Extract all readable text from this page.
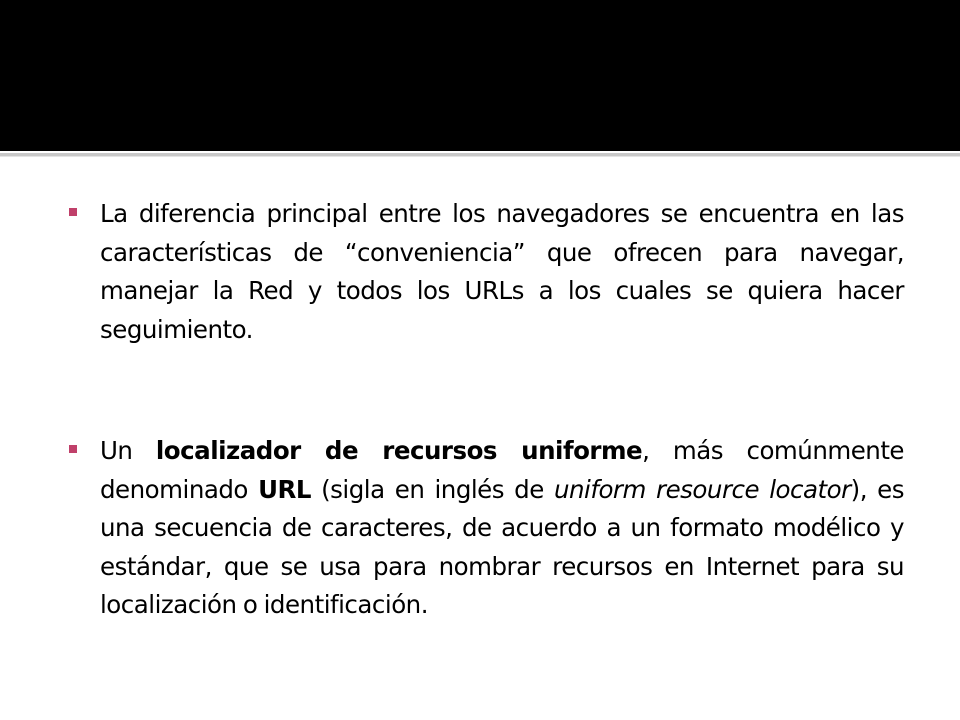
La diferencia principal entre los navegadores se encuentra en las características de “conveniencia” que ofrecen para navegar, manejar la Red y todos los URLs a los cuales se quiera hacer seguimiento.

Un localizador de recursos uniforme, más comúnmente denominado URL (sigla en inglés de uniform resource locator), es una secuencia de caracteres, de acuerdo a un formato modélico y estándar, que se usa para nombrar recursos en Internet para su localización o identificación.
